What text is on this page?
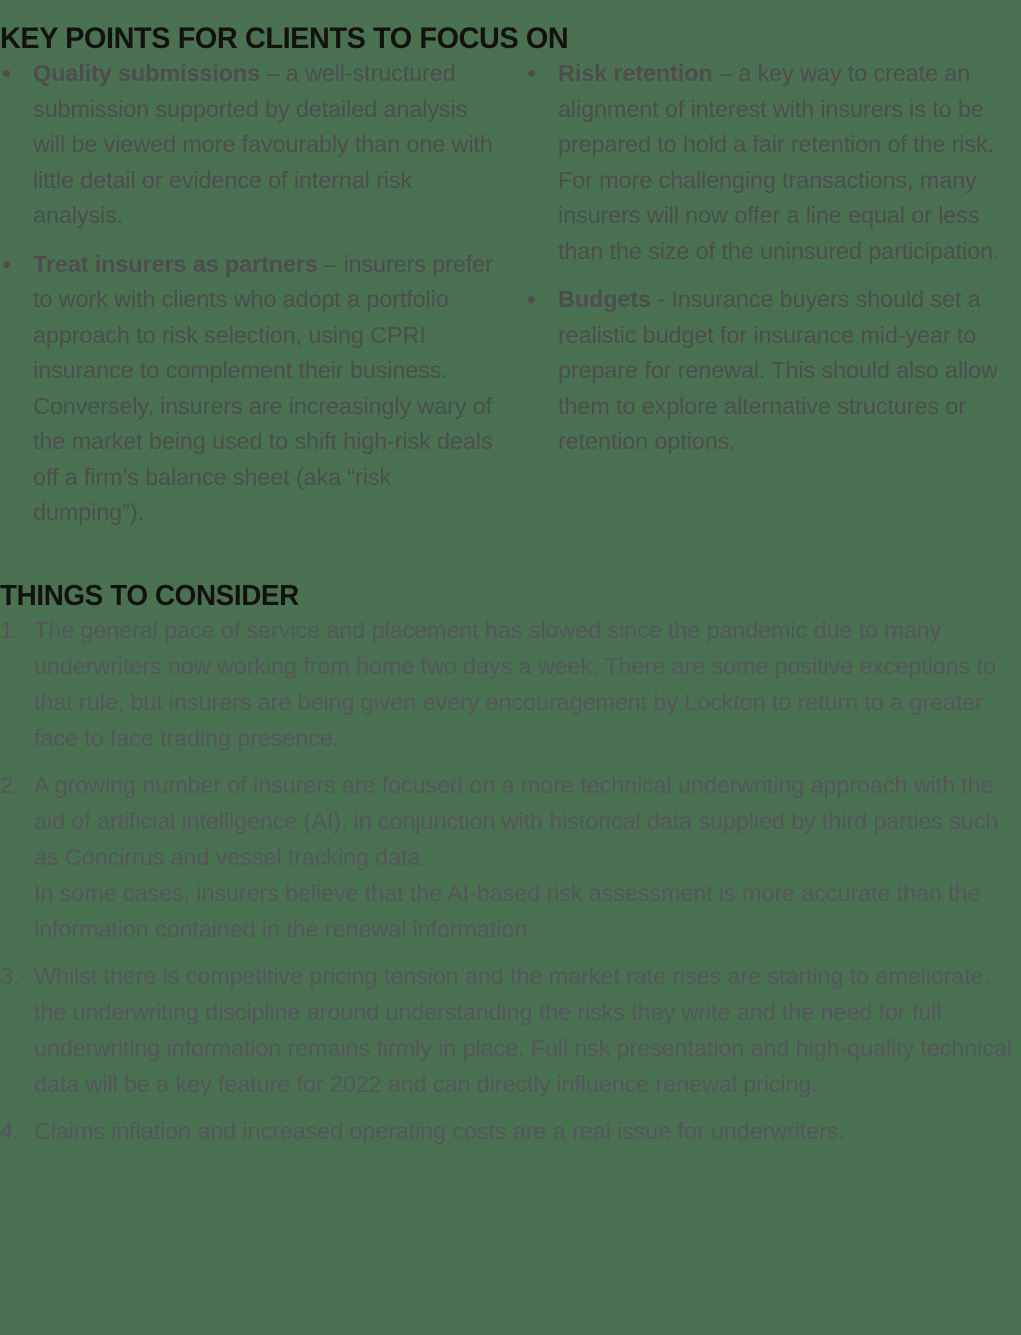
KEY POINTS FOR CLIENTS TO FOCUS ON
Quality submissions – a well-structured submission supported by detailed analysis will be viewed more favourably than one with little detail or evidence of internal risk analysis.
Treat insurers as partners – insurers prefer to work with clients who adopt a portfolio approach to risk selection, using CPRI insurance to complement their business. Conversely, insurers are increasingly wary of the market being used to shift high-risk deals off a firm’s balance sheet (aka “risk dumping”).
Risk retention – a key way to create an alignment of interest with insurers is to be prepared to hold a fair retention of the risk. For more challenging transactions, many insurers will now offer a line equal or less than the size of the uninsured participation.
Budgets - Insurance buyers should set a realistic budget for insurance mid-year to prepare for renewal. This should also allow them to explore alternative structures or retention options.
THINGS TO CONSIDER
1. The general pace of service and placement has slowed since the pandemic due to many underwriters now working from home two days a week. There are some positive exceptions to that rule, but insurers are being given every encouragement by Lockton to return to a greater face to face trading presence.
2. A growing number of insurers are focused on a more technical underwriting approach with the aid of artificial intelligence (AI), in conjunction with historical data supplied by third parties such as Concirrus and vessel tracking data.
In some cases, insurers believe that the AI-based risk assessment is more accurate than the information contained in the renewal information.
3. Whilst there is competitive pricing tension and the market rate rises are starting to ameliorate, the underwriting discipline around understanding the risks they write and the need for full underwriting information remains firmly in place. Full risk presentation and high-quality technical data will be a key feature for 2022 and can directly influence renewal pricing.
4. Claims inflation and increased operating costs are a real issue for underwriters.
